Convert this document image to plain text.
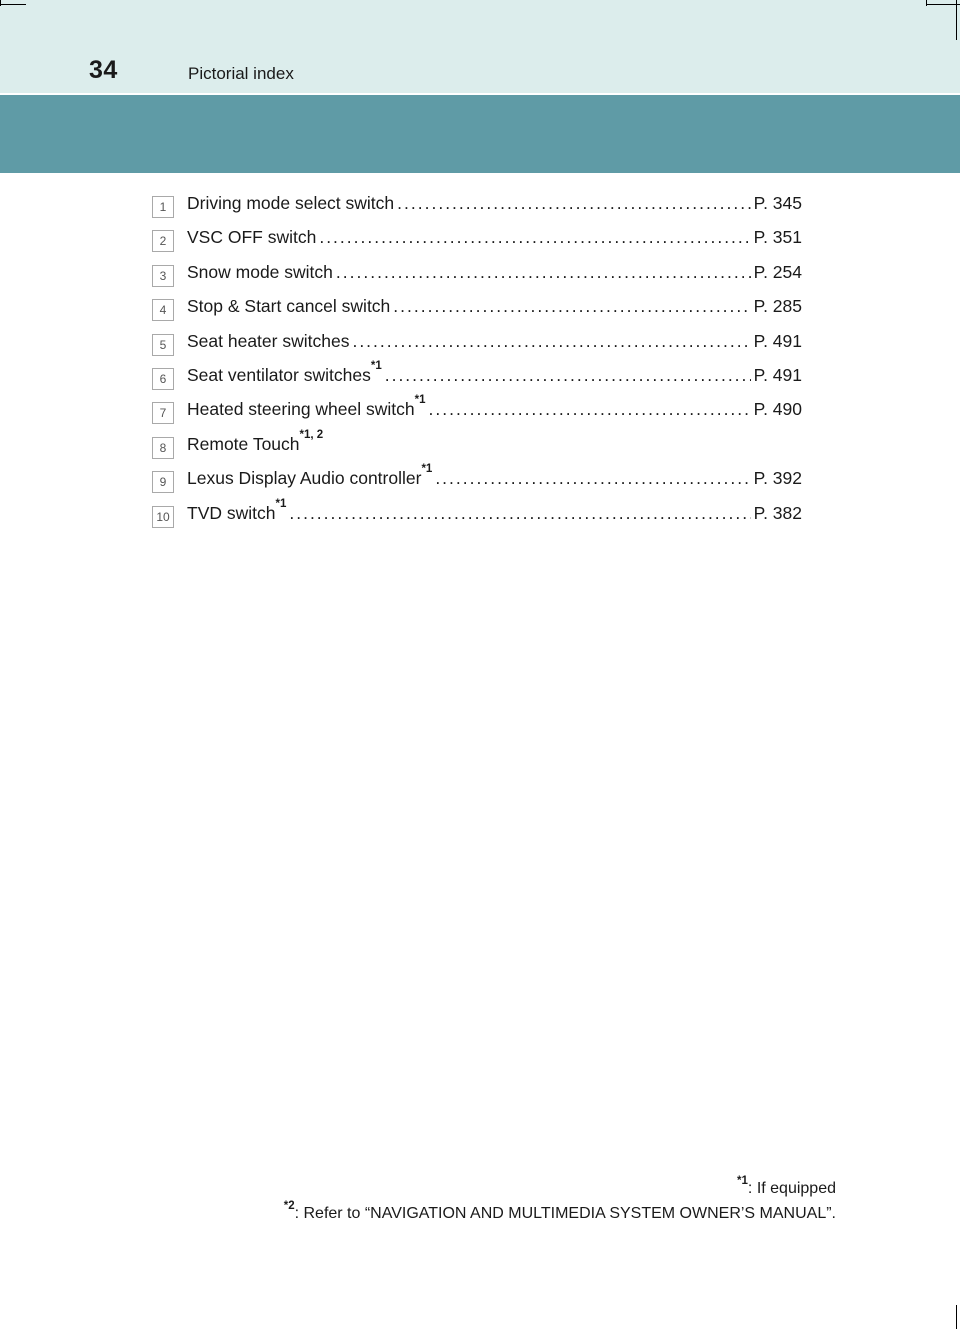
34	Pictorial index
1	Driving mode select switch .....	P. 345
2	VSC OFF switch .....	P. 351
3	Snow mode switch .....	P. 254
4	Stop & Start cancel switch .....	P. 285
5	Seat heater switches .....	P. 491
6	Seat ventilator switches$^{*1}$ .....	P. 491
7	Heated steering wheel switch$^{*1}$ .....	P. 490
8	Remote Touch$^{*1, 2}$
9	Lexus Display Audio controller$^{*1}$ .....	P. 392
10 TVD switch$^{*1}$ .....	P. 382
$^{*1}$: If equipped
$^{*2}$: Refer to “NAVIGATION AND MULTIMEDIA SYSTEM OWNER’S MANUAL”.
